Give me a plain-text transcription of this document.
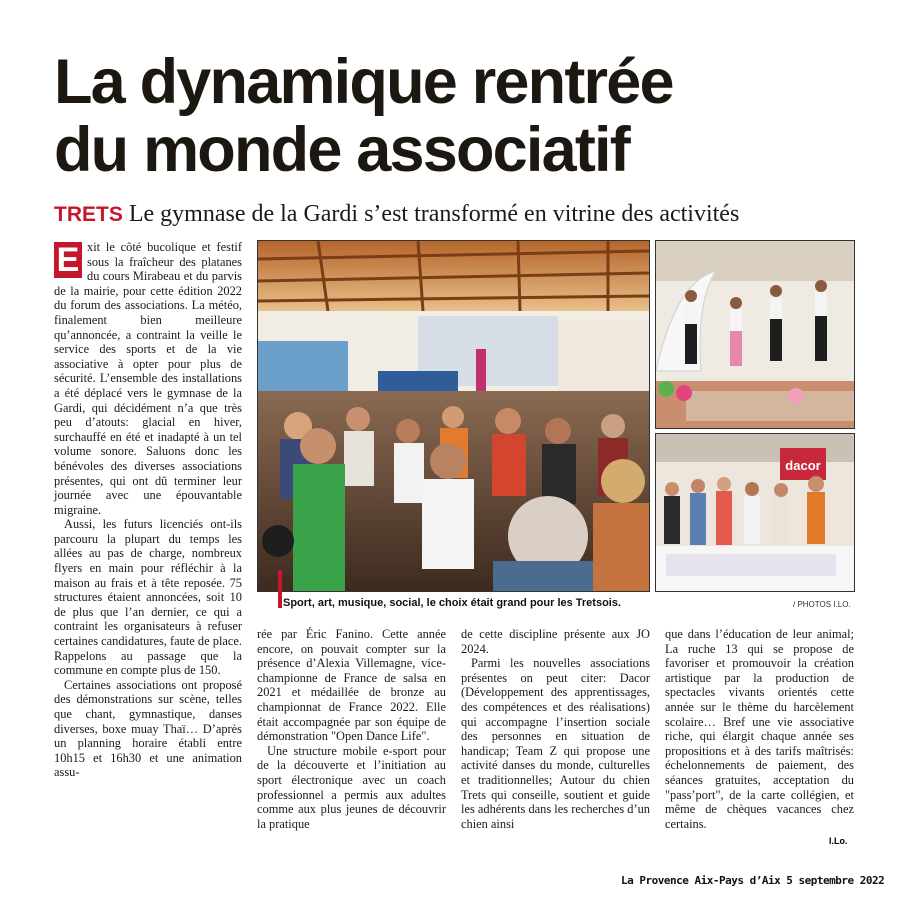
La dynamique rentrée
du monde associatif
TRETS Le gymnase de la Gardi s’est transformé en vitrine des activités

E xit le côté bucolique et festif sous la fraîcheur des platanes du cours Mirabeau et du parvis de la mairie, pour cette édition 2022 du forum des associations. La météo, finalement bien meilleure qu’annoncée, a contraint la veille le service des sports et de la vie associative à opter pour plus de sécurité. L’ensemble des installations a été déplacé vers le gymnase de la Gardi, qui décidément n’a que très peu d’atouts: glacial en hiver, surchauffé en été et inadapté à un tel volume sonore. Saluons donc les bénévoles des diverses associations présentes, qui ont dû terminer leur journée avec une épouvantable migraine.

Aussi, les futurs licenciés ont-ils parcouru la plupart du temps les allées au pas de charge, nombreux flyers en main pour réfléchir à la maison au frais et à tête reposée. 75 structures étaient annoncées, soit 10 de plus que l’an dernier, ce qui a contraint les organisateurs à refuser certaines candidatures, faute de place. Rappelons au passage que la commune en compte plus de 150.

Certaines associations ont proposé des démonstrations sur scène, telles que chant, gymnastique, danses diverses, boxe muay Thaï… D’après un planning horaire établi entre 10h15 et 16h30 et une animation assu-

dacor
Sport, art, musique, social, le choix était grand pour les Tretsois.	/ PHOTOS I.LO.

rée par Éric Fanino. Cette année encore, on pouvait compter sur la présence d’Alexia Villemagne, vice-championne de France de salsa en 2021 et médaillée de bronze au championnat de France 2022. Elle était accompagnée par son équipe de démonstration "Open Dance Life".

Une structure mobile e-sport pour de la découverte et l’initiation au sport électronique avec un coach professionnel a permis aux adultes comme aux plus jeunes de découvrir la pratique

de cette discipline présente aux JO 2024.

Parmi les nouvelles associations présentes on peut citer: Dacor (Développement des apprentissages, des compétences et des réalisations) qui accompagne l’insertion sociale des personnes en situation de handicap; Team Z qui propose une activité danses du monde, culturelles et traditionnelles; Autour du chien Trets qui conseille, soutient et guide les adhérents dans les recherches d’un chien ainsi

que dans l’éducation de leur animal; La ruche 13 qui se propose de favoriser et promouvoir la création artistique par la production de spectacles vivants orientés cette année sur le thème du harcèlement scolaire… Bref une vie associative riche, qui élargit chaque année ses propositions et à des tarifs maîtrisés: échelonnements de paiement, des séances gratuites, acceptation du "pass’port", de la carte collégien, et même de chèques vacances chez certains.

I.Lo.
La Provence Aix-Pays d’Aix 5 septembre 2022
